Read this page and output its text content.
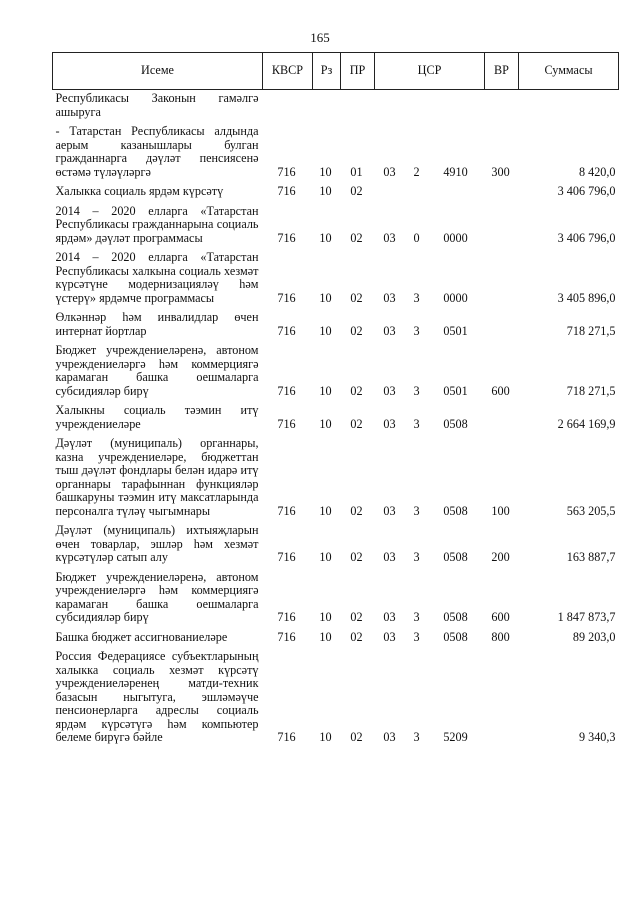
165
Исеме	КВСР	Рз	ПР	ЦСР			ВР	Суммасы
Республикасы Законын гамәлгә ашыруга								
- Татарстан Республикасы алдында аерым казанышлары булган гражданнарга дәүләт пенсиясенә өстәмә түләүләргә	716	10	01	03	2	4910	300	8 420,0
Халыкка социаль ярдәм күрсәтү	716	10	02					3 406 796,0
2014 – 2020 елларга «Татарстан Республикасы гражданнарына социаль ярдәм» дәүләт программасы	716	10	02	03	0	0000		3 406 796,0
2014 – 2020 елларга «Татарстан Республикасы халкына социаль хезмәт күрсәтүне модернизацияләү һәм үстерү» ярдәмче программасы	716	10	02	03	3	0000		3 405 896,0
Өлкәннәр һәм инвалидлар өчен интернат йортлар	716	10	02	03	3	0501		718 271,5
Бюджет учреждениеләренә, автоном учреждениеләргә һәм коммерциягә карамаган башка оешмаларга субсидияләр бирү	716	10	02	03	3	0501	600	718 271,5
Халыкны социаль тәэмин итү учреждениеләре	716	10	02	03	3	0508		2 664 169,9
Дәүләт (муниципаль) органнары, казна учреждениеләре, бюджеттан тыш дәүләт фондлары белән идарә итү органнары тарафыннан функцияләр башкаруны тәэмин итү максатларында персоналга түләү чыгымнары	716	10	02	03	3	0508	100	563 205,5
Дәүләт (муниципаль) ихтыяҗларын өчен товарлар, эшләр һәм хезмәт күрсәтүләр сатып алу	716	10	02	03	3	0508	200	163 887,7
Бюджет учреждениеләренә, автоном учреждениеләргә һәм коммерциягә карамаган башка оешмаларга субсидияләр бирү	716	10	02	03	3	0508	600	1 847 873,7
Башка бюджет ассигнованиеләре	716	10	02	03	3	0508	800	89 203,0
Россия Федерациясе субъектларының халыкка социаль хезмәт күрсәтү учреждениеләренең матди-техник базасын ныгытуга, эшләмәүче пенсионерларга адреслы социаль ярдәм күрсәтүгә һәм компьютер белеме бирүгә бәйле	716	10	02	03	3	5209		9 340,3
